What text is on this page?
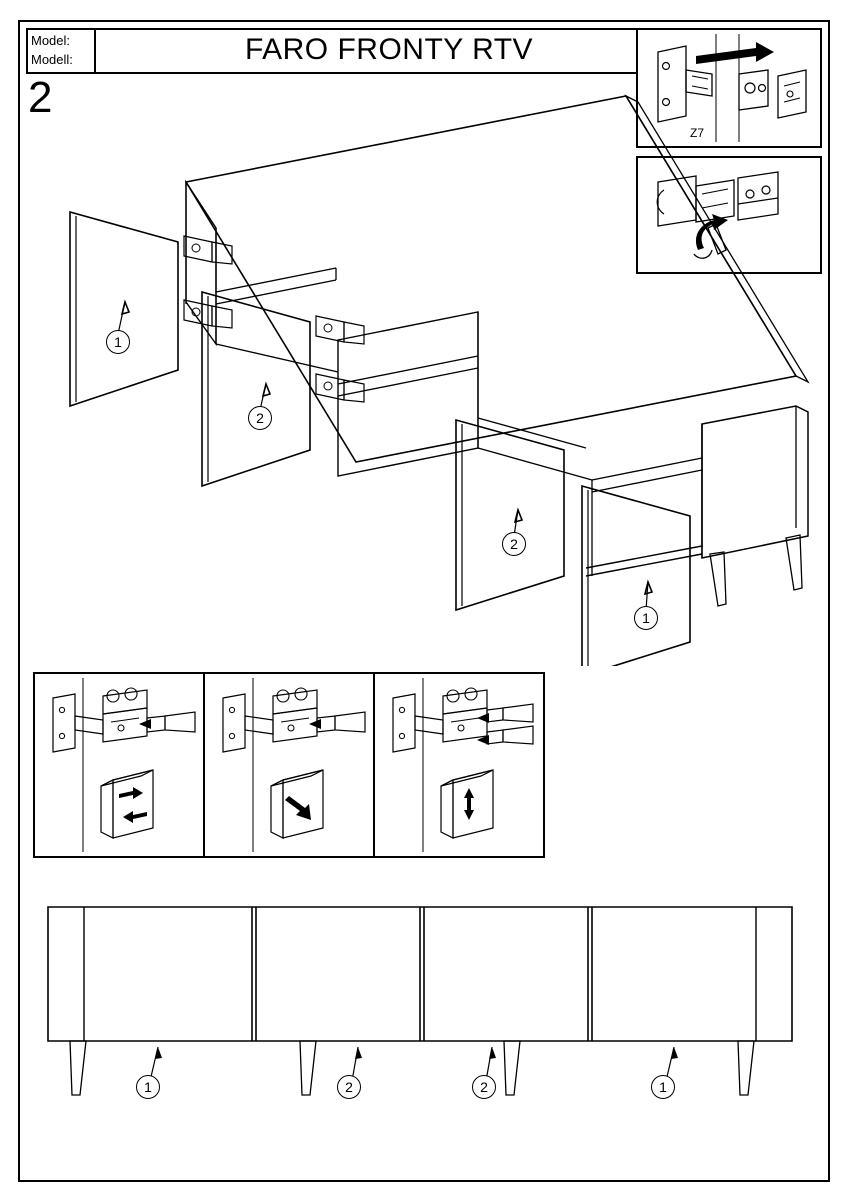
Model:
Modell:	FARO FRONTY RTV
2
Z7
1
2
2
1
1	2	2	1
